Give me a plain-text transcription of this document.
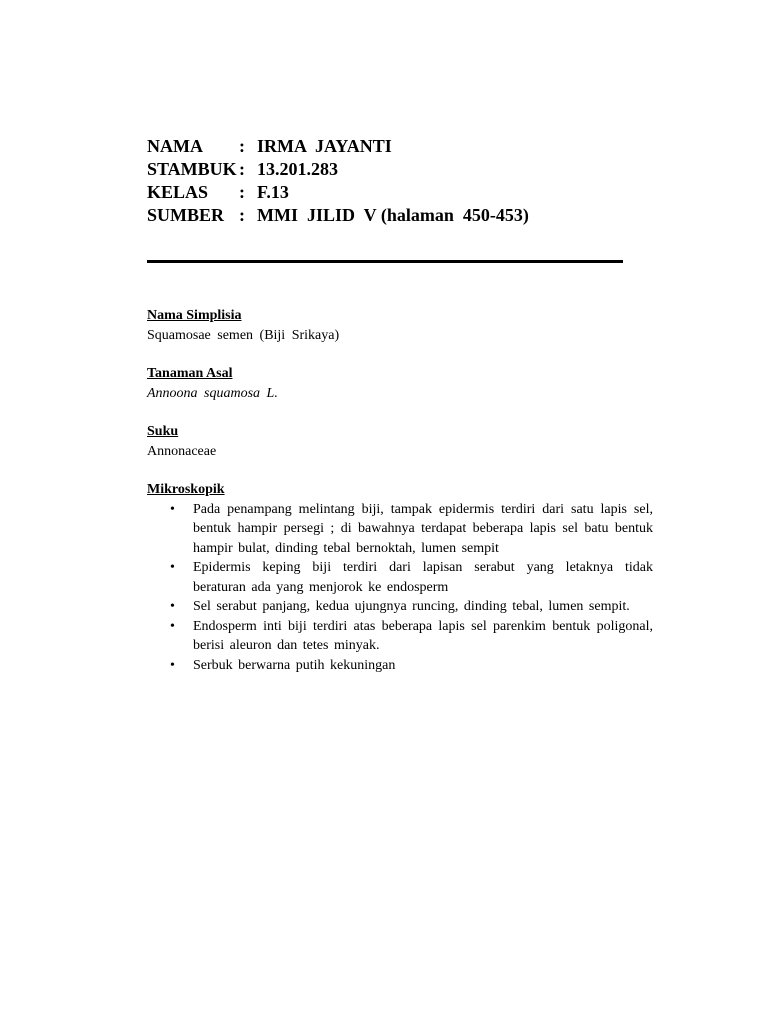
NAMA	: IRMA  JAYANTI
STAMBUK : 13.201.283
KELAS	: F.13
SUMBER : MMI  JILID  V (halaman  450-453)
Nama Simplisia
Squamosae semen (Biji Srikaya)
Tanaman Asal
Annoona squamosa L.
Suku
Annonaceae
Mikroskopik
• Pada penampang melintang biji, tampak epidermis terdiri dari satu lapis sel, bentuk hampir persegi ; di bawahnya terdapat beberapa lapis sel batu bentuk hampir bulat, dinding tebal bernoktah, lumen sempit
• Epidermis keping biji terdiri dari lapisan serabut yang letaknya tidak beraturan ada yang menjorok ke endosperm
• Sel serabut panjang, kedua ujungnya runcing, dinding tebal, lumen sempit.
• Endosperm inti biji terdiri atas beberapa lapis sel parenkim bentuk poligonal, berisi aleuron dan tetes minyak.
• Serbuk berwarna putih kekuningan
